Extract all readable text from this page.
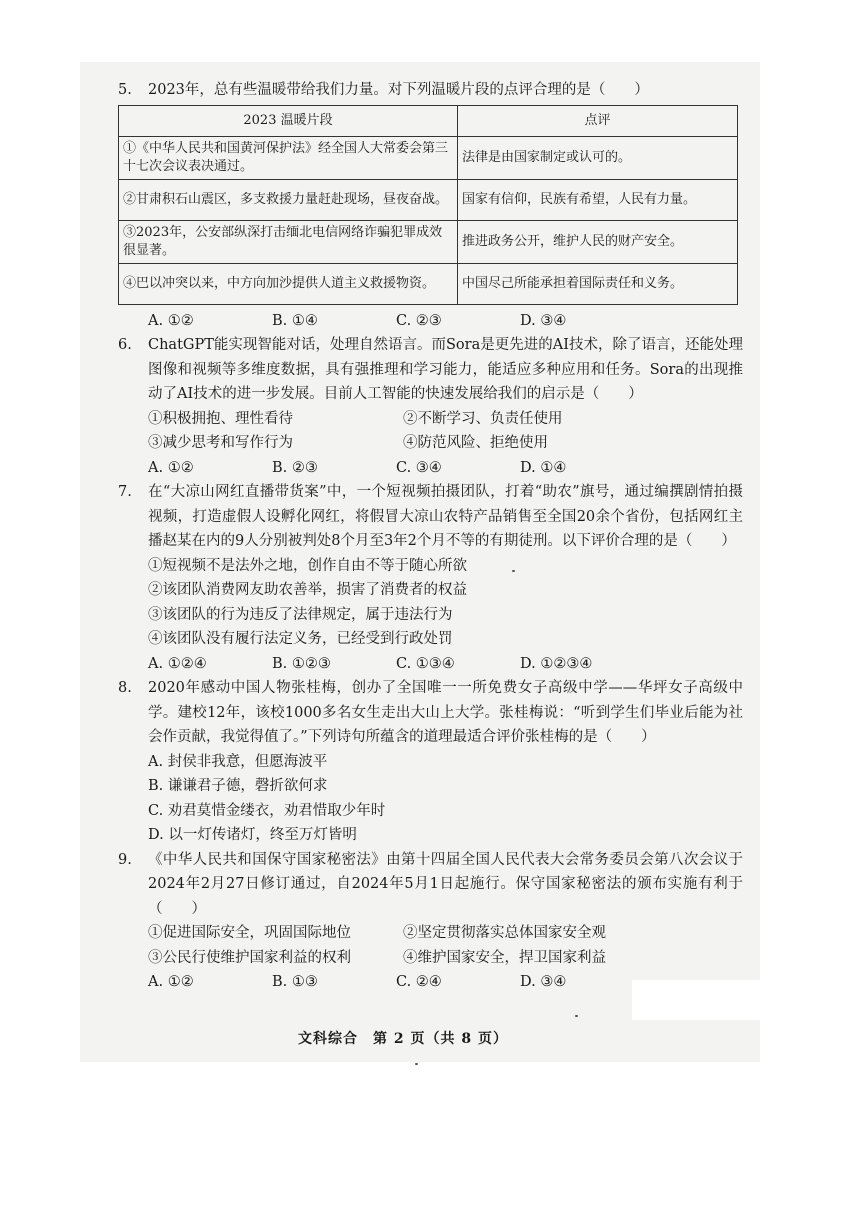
5.	2023年，总有些温暖带给我们力量。对下列温暖片段的点评合理的是（　　）
2023 温暖片段	点评
①《中华人民共和国黄河保护法》经全国人大常委会第三十七次会议表决通过。	法律是由国家制定或认可的。
②甘肃积石山震区，多支救援力量赶赴现场，昼夜奋战。	国家有信仰，民族有希望，人民有力量。
③2023年，公安部纵深打击缅北电信网络诈骗犯罪成效很显著。	推进政务公开，维护人民的财产安全。
④巴以冲突以来，中方向加沙提供人道主义救援物资。	中国尽己所能承担着国际责任和义务。
A. ①②	B. ①④	C. ②③	D. ③④
6.	ChatGPT能实现智能对话，处理自然语言。而Sora是更先进的AI技术，除了语言，还能处理图像和视频等多维度数据，具有强推理和学习能力，能适应多种应用和任务。Sora的出现推动了AI技术的进一步发展。目前人工智能的快速发展给我们的启示是（　　）
①积极拥抱、理性看待	②不断学习、负责任使用
③减少思考和写作行为	④防范风险、拒绝使用
A. ①②	B. ②③	C. ③④	D. ①④
7.	在“大凉山网红直播带货案”中，一个短视频拍摄团队，打着“助农”旗号，通过编撰剧情拍摄视频，打造虚假人设孵化网红，将假冒大凉山农特产品销售至全国20余个省份，包括网红主播赵某在内的9人分别被判处8个月至3年2个月不等的有期徒刑。以下评价合理的是（　　）
①短视频不是法外之地，创作自由不等于随心所欲
②该团队消费网友助农善举，损害了消费者的权益
③该团队的行为违反了法律规定，属于违法行为
④该团队没有履行法定义务，已经受到行政处罚
A. ①②④	B. ①②③	C. ①③④	D. ①②③④
8.	2020年感动中国人物张桂梅，创办了全国唯一一所免费女子高级中学——华坪女子高级中学。建校12年，该校1000多名女生走出大山上大学。张桂梅说：“听到学生们毕业后能为社会作贡献，我觉得值了。”下列诗句所蕴含的道理最适合评价张桂梅的是（　　）
A. 封侯非我意，但愿海波平
B. 谦谦君子德，磬折欲何求
C. 劝君莫惜金缕衣，劝君惜取少年时
D. 以一灯传诸灯，终至万灯皆明
9.	《中华人民共和国保守国家秘密法》由第十四届全国人民代表大会常务委员会第八次会议于2024年2月27日修订通过，自2024年5月1日起施行。保守国家秘密法的颁布实施有利于（　　）
①促进国际安全，巩固国际地位	②坚定贯彻落实总体国家安全观
③公民行使维护国家利益的权利	④维护国家安全，捍卫国家利益
A. ①②	B. ①③	C. ②④	D. ③④
文科综合　第 2 页（共 8 页）
